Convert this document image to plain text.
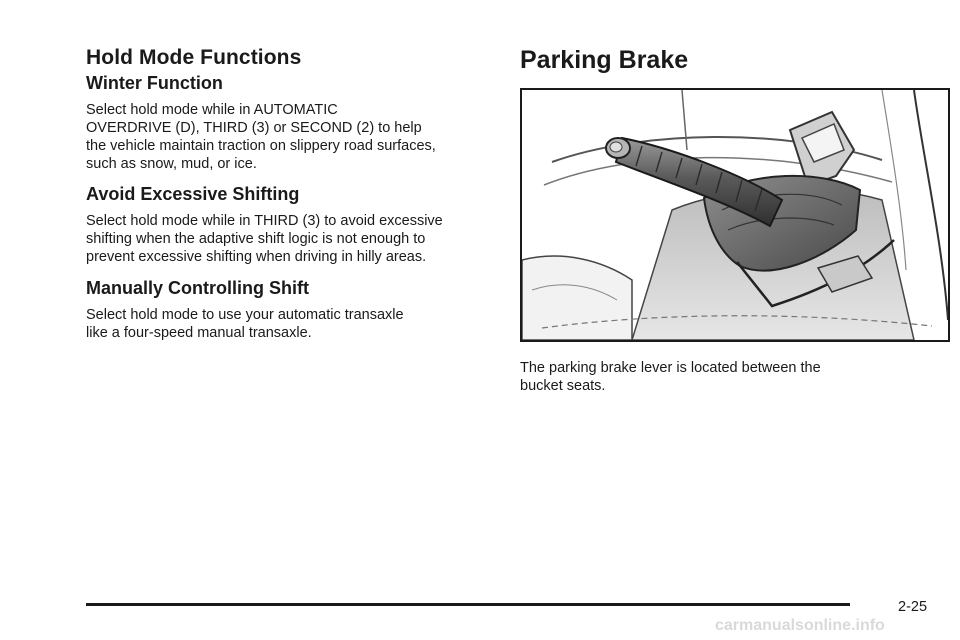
Hold Mode Functions
Winter Function
Select hold mode while in AUTOMATIC
OVERDRIVE (D), THIRD (3) or SECOND (2) to help
the vehicle maintain traction on slippery road surfaces,
such as snow, mud, or ice.
Avoid Excessive Shifting
Select hold mode while in THIRD (3) to avoid excessive
shifting when the adaptive shift logic is not enough to
prevent excessive shifting when driving in hilly areas.
Manually Controlling Shift
Select hold mode to use your automatic transaxle
like a four-speed manual transaxle.
Parking Brake
The parking brake lever is located between the
bucket seats.
2-25
carmanualsonline.info
